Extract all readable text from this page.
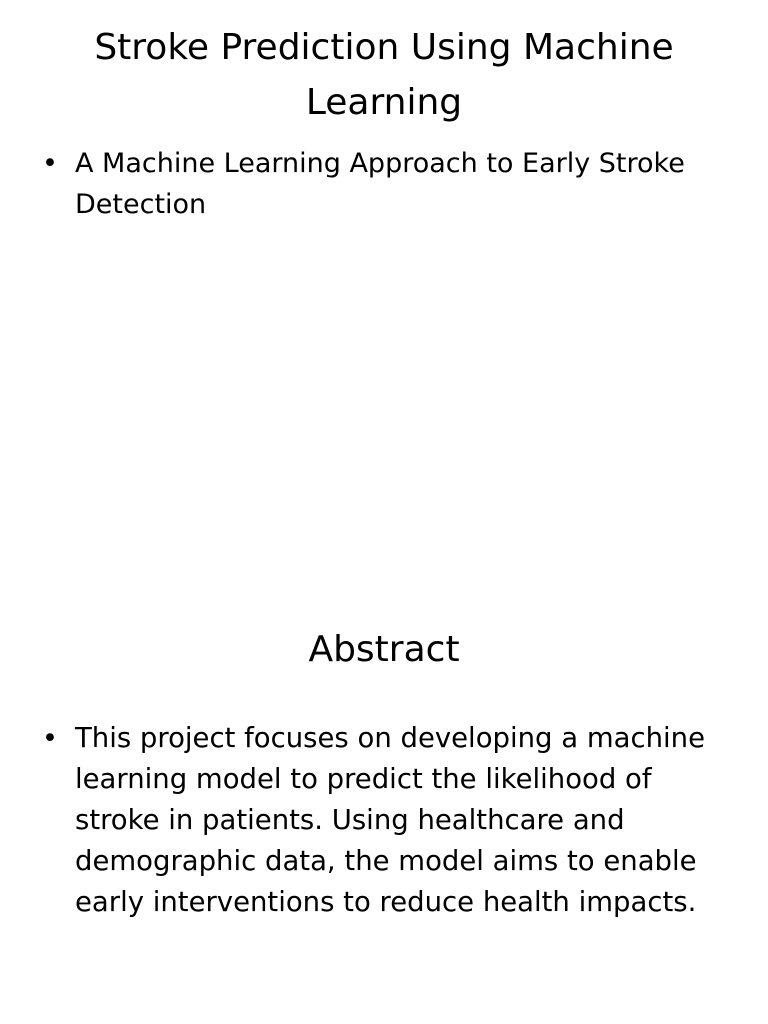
Stroke Prediction Using Machine Learning
• A Machine Learning Approach to Early Stroke Detection
Abstract
• This project focuses on developing a machine learning model to predict the likelihood of stroke in patients. Using healthcare and demographic data, the model aims to enable early interventions to reduce health impacts.
